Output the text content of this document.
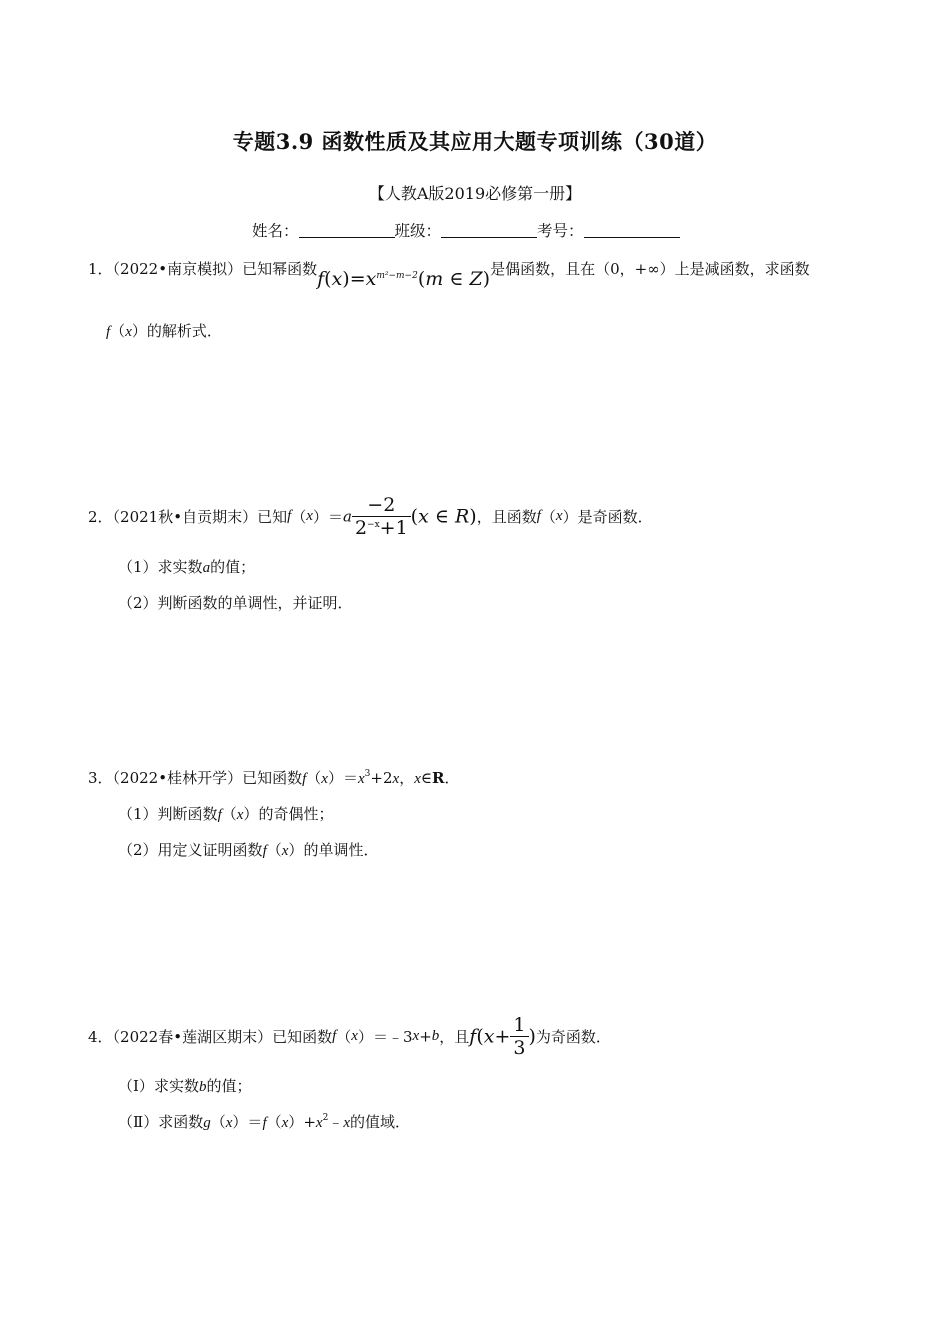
专题3.9 函数性质及其应用大题专项训练（30道）
【人教A版2019必修第一册】
姓名：	班级：	考号：
1．（2022•南京模拟）已知幂函数$f(x)=x^{m^2-m-2}(m$ ∈ Z)是偶函数，且在（0，+∞）上是减函数，求函数
f（x）的解析式．
2．（2021秋•自贡期末）已知$f(x)=a \frac{-2}{2^{-x}+1} (x$ ∈ R)，且函数f（x）是奇函数．
（1）求实数a的值；
（2）判断函数的单调性，并证明．
3．（2022•桂林开学）已知函数$f(x)=x^3+2x$，x∈R．
（1）判断函数f（x）的奇偶性；
（2）用定义证明函数f（x）的单调性．
4．（2022春•莲湖区期末）已知函数f（x）＝﹣3x+b，且$f(x+ \frac{1}{3}$ )为奇函数．
（Ⅰ）求实数b的值；
（Ⅱ）求函数$g(x)=f(x)+x^2﹣x$的值域．
